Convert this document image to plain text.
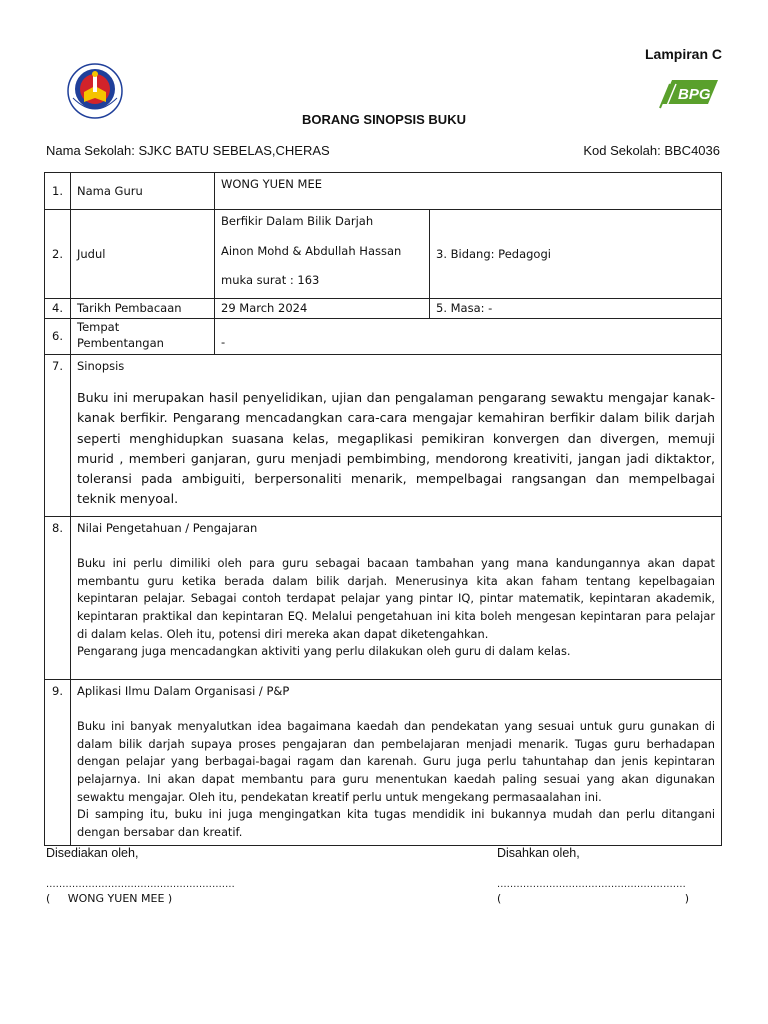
Lampiran C
BPG
BORANG SINOPSIS BUKU
Nama Sekolah: SJKC BATU SEBELAS,CHERAS	Kod Sekolah: BBC4036
1.	Nama Guru	WONG YUEN MEE	
2.	Judul	Berfikir Dalam Bilik Darjah
Ainon Mohd & Abdullah Hassan
muka surat : 163	3. Bidang: Pedagogi
4.	Tarikh Pembacaan	29 March 2024	5. Masa: -
6.	Tempat
Pembentangan	-	
7.	Sinopsis
Buku ini merupakan hasil penyelidikan, ujian dan pengalaman pengarang sewaktu mengajar kanak-kanak berfikir. Pengarang mencadangkan cara-cara mengajar kemahiran berfikir dalam bilik darjah seperti menghidupkan suasana kelas, megaplikasi pemikiran konvergen dan divergen, memuji murid , memberi ganjaran, guru menjadi pembimbing, mendorong kreativiti, jangan jadi diktaktor, toleransi pada ambiguiti, berpersonaliti menarik, mempelbagai rangsangan dan mempelbagai teknik menyoal.		

8.	Nilai Pengetahuan / Pengajaran
Buku ini perlu dimiliki oleh para guru sebagai bacaan tambahan yang mana kandungannya akan dapat membantu guru ketika berada dalam bilik darjah. Menerusinya kita akan faham tentang kepelbagaian kepintaran pelajar. Sebagai contoh terdapat pelajar yang pintar IQ, pintar matematik, kepintaran akademik, kepintaran praktikal dan kepintaran EQ. Melalui pengetahuan ini kita boleh mengesan kepintaran para pelajar di dalam kelas. Oleh itu, potensi diri mereka akan dapat diketengahkan.
Pengarang juga mencadangkan aktiviti yang perlu dilakukan oleh guru di dalam kelas.		

9.	Aplikasi Ilmu Dalam Organisasi / P&P
Buku ini banyak menyalutkan idea bagaimana kaedah dan pendekatan yang sesuai untuk guru gunakan di dalam bilik darjah supaya proses pengajaran dan pembelajaran menjadi menarik. Tugas guru berhadapan dengan pelajar yang berbagai-bagai ragam dan karenah. Guru juga perlu tahuntahap dan jenis kepintaran pelajarnya. Ini akan dapat membantu para guru menentukan kaedah paling sesuai yang akan digunakan sewaktu mengajar. Oleh itu, pendekatan kreatif perlu untuk mengekang permasaalahan ini.
Di samping itu, buku ini juga mengingatkan kita tugas mendidik ini bukannya mudah dan perlu ditangani dengan bersabar dan kreatif.		
Disediakan oleh,
..........................................................
(     WONG YUEN MEE )
Disahkan oleh,
..........................................................
(	)
